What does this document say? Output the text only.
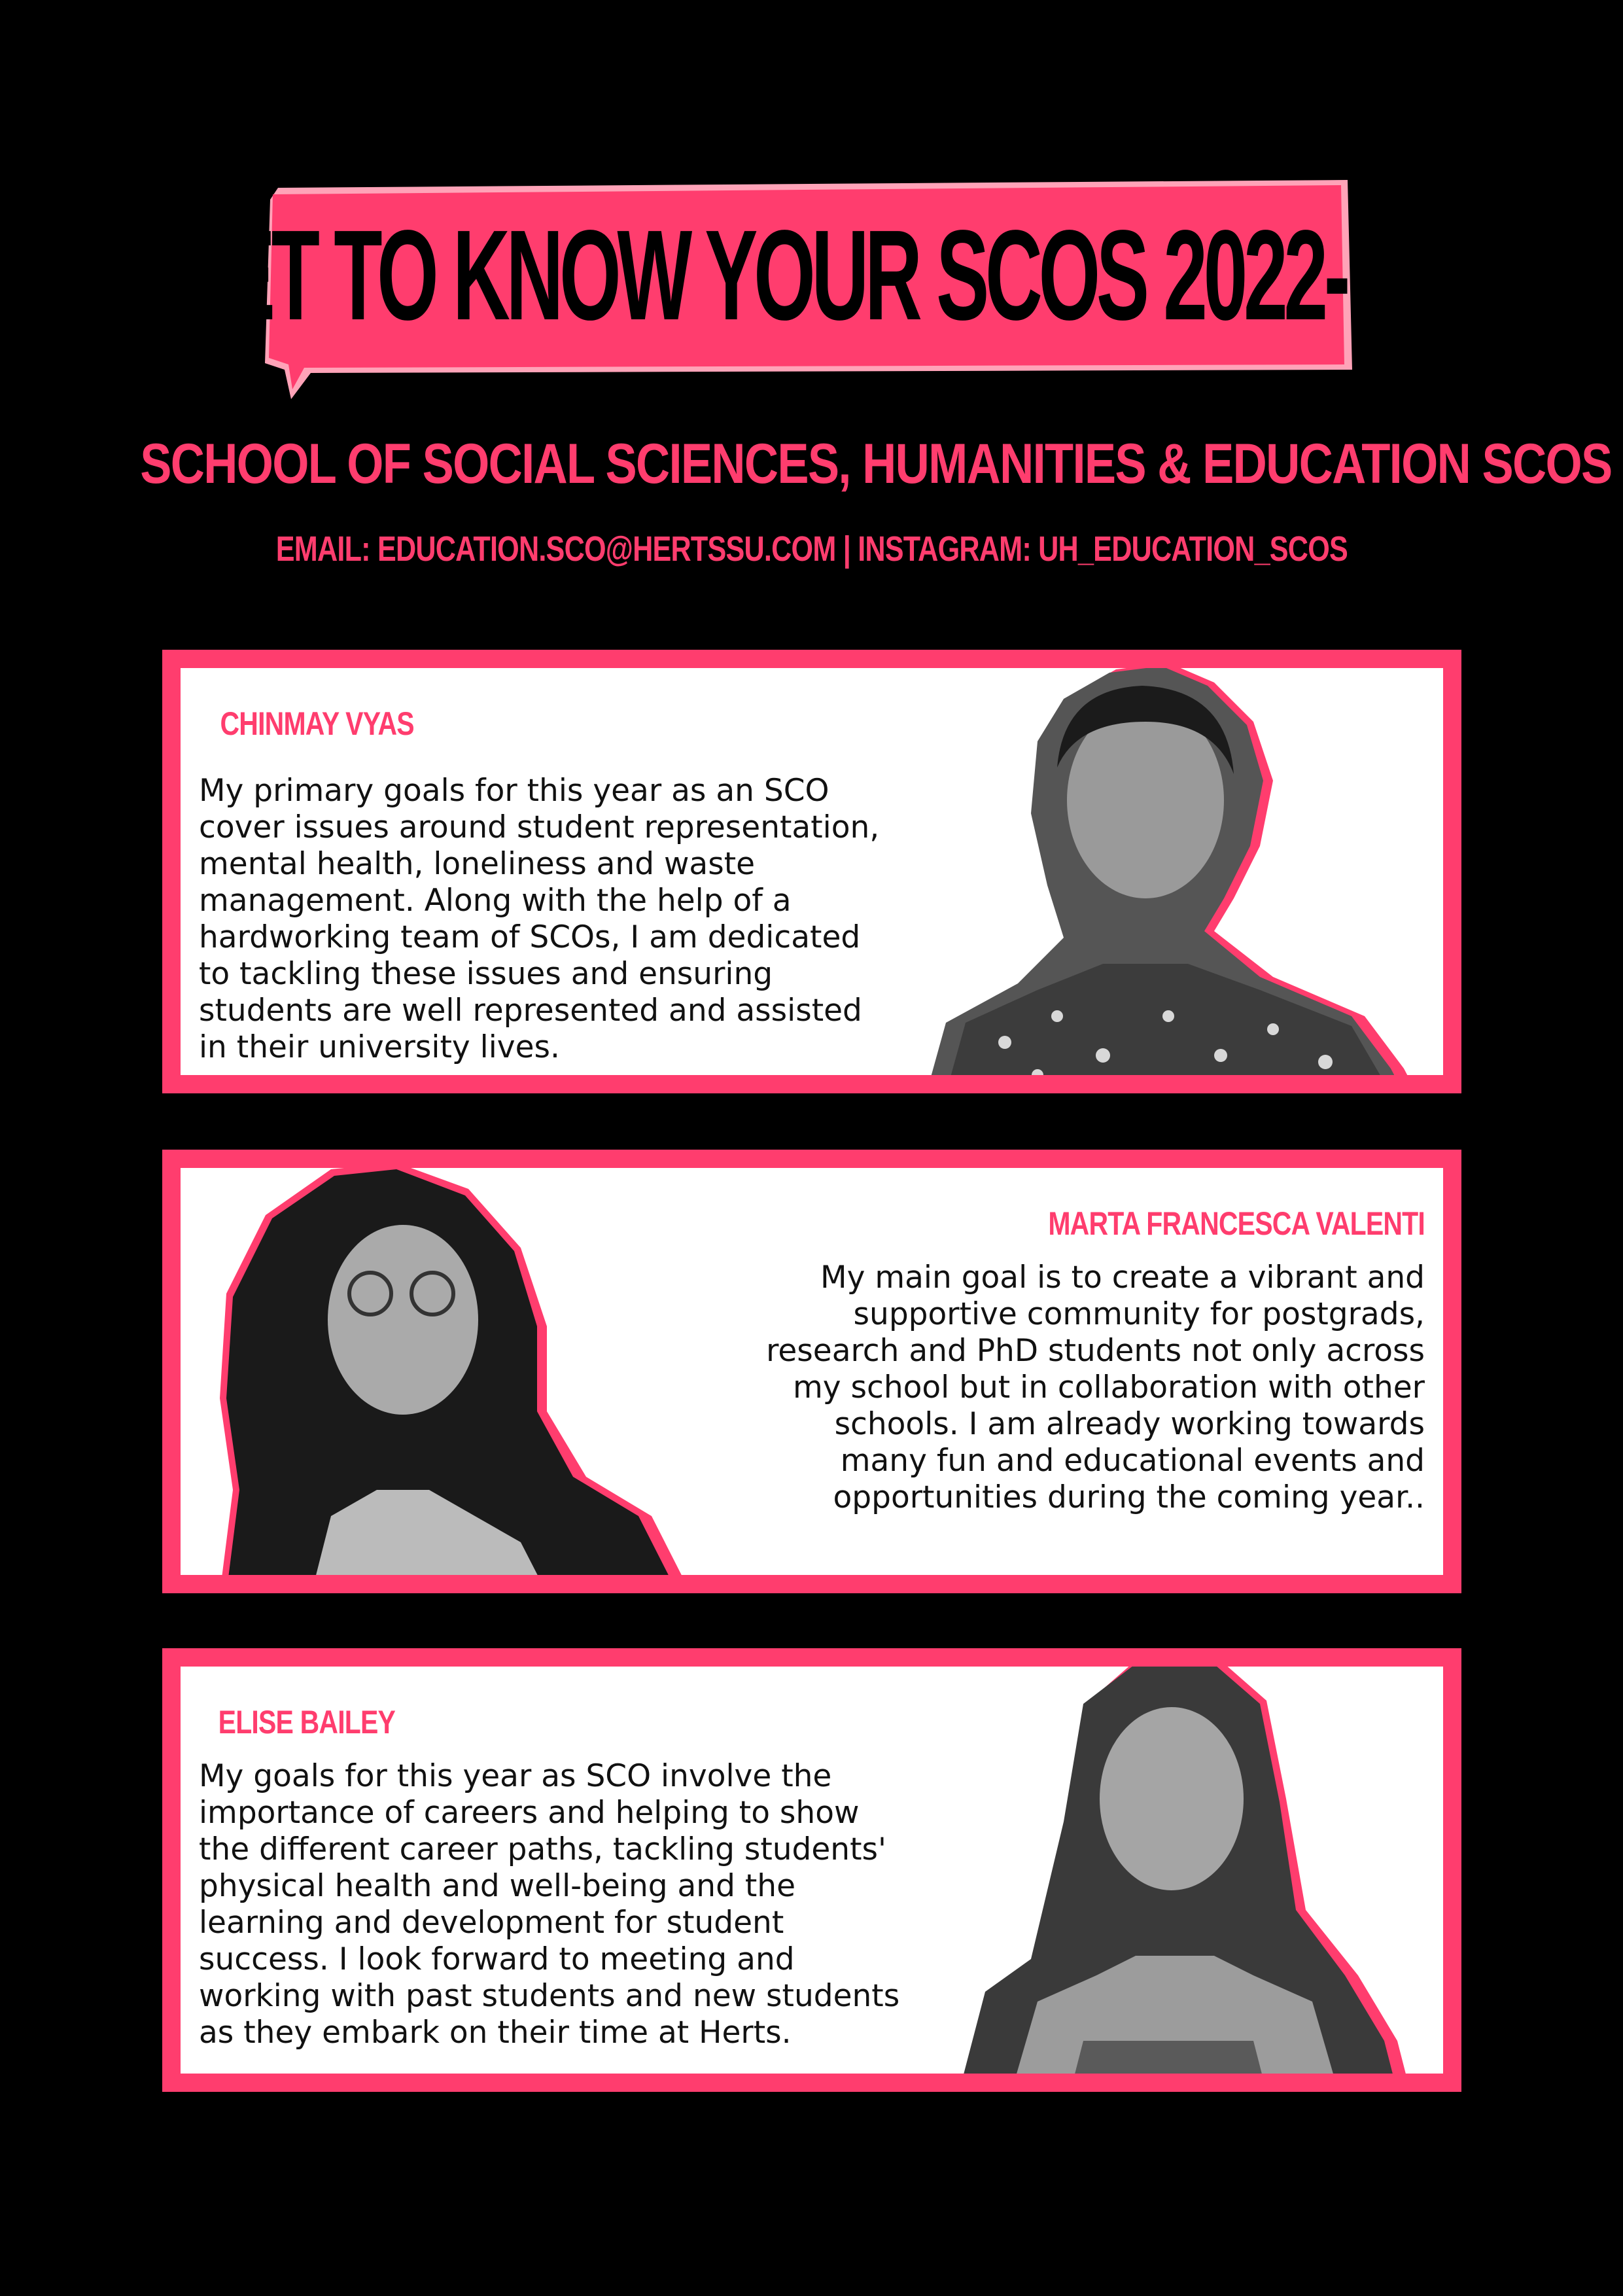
GET TO KNOW YOUR SCOS 2022- 23
SCHOOL OF SOCIAL SCIENCES, HUMANITIES & EDUCATION SCOS
EMAIL: EDUCATION.SCO@HERTSSU.COM | INSTAGRAM: UH_EDUCATION_SCOS
CHINMAY VYAS
My primary goals for this year as an SCO
cover issues around student representation,
mental health, loneliness and waste
management. Along with the help of a
hardworking team of SCOs, I am dedicated
to tackling these issues and ensuring
students are well represented and assisted
in their university lives.
MARTA FRANCESCA VALENTI
My main goal is to create a vibrant and
supportive community for postgrads,
research and PhD students not only across
my school but in collaboration with other
schools. I am already working towards
many fun and educational events and
opportunities during the coming year..
ELISE BAILEY
My goals for this year as SCO involve the
importance of careers and helping to show
the different career paths, tackling students'
physical health and well-being and the
learning and development for student
success. I look forward to meeting and
working with past students and new students
as they embark on their time at Herts.
